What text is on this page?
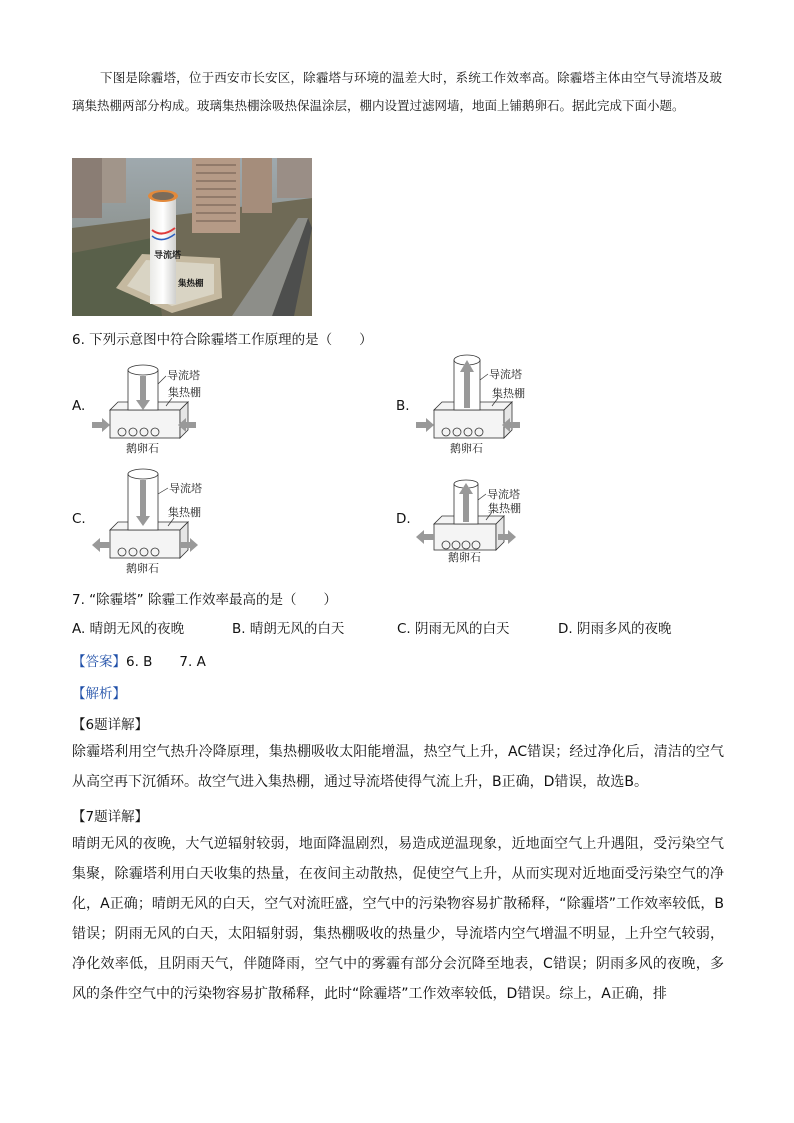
下图是除霾塔，位于西安市长安区，除霾塔与环境的温差大时，系统工作效率高。除霾塔主体由空气导流塔及玻璃集热棚两部分构成。玻璃集热棚涂吸热保温涂层，棚内设置过滤网墙，地面上铺鹅卵石。据此完成下面小题。

导流塔
集热棚
6. 下列示意图中符合除霾塔工作原理的是（　　）
A.
导流塔
集热棚
鹅卵石
B.
导流塔
集热棚
鹅卵石
C.
导流塔
集热棚
鹅卵石
D.
导流塔
集热棚
鹅卵石
7. “除霾塔” 除霾工作效率最高的是（　　）
A. 晴朗无风的夜晚	B. 晴朗无风的白天	C. 阴雨无风的白天	D. 阴雨多风的夜晚
【答案】6. B　　7. A
【解析】
【6题详解】

除霾塔利用空气热升冷降原理，集热棚吸收太阳能增温，热空气上升，AC错误；经过净化后，清洁的空气从高空再下沉循环。故空气进入集热棚，通过导流塔使得气流上升，B正确，D错误，故选B。

【7题详解】

晴朗无风的夜晚，大气逆辐射较弱，地面降温剧烈，易造成逆温现象，近地面空气上升遇阻，受污染空气集聚，除霾塔利用白天收集的热量，在夜间主动散热，促使空气上升，从而实现对近地面受污染空气的净化，A正确；晴朗无风的白天，空气对流旺盛，空气中的污染物容易扩散稀释，“除霾塔”工作效率较低，B错误；阴雨无风的白天，太阳辐射弱，集热棚吸收的热量少，导流塔内空气增温不明显，上升空气较弱，净化效率低，且阴雨天气，伴随降雨，空气中的雾霾有部分会沉降至地表，C错误；阴雨多风的夜晚，多风的条件空气中的污染物容易扩散稀释，此时“除霾塔”工作效率较低，D错误。综上，A正确，排
